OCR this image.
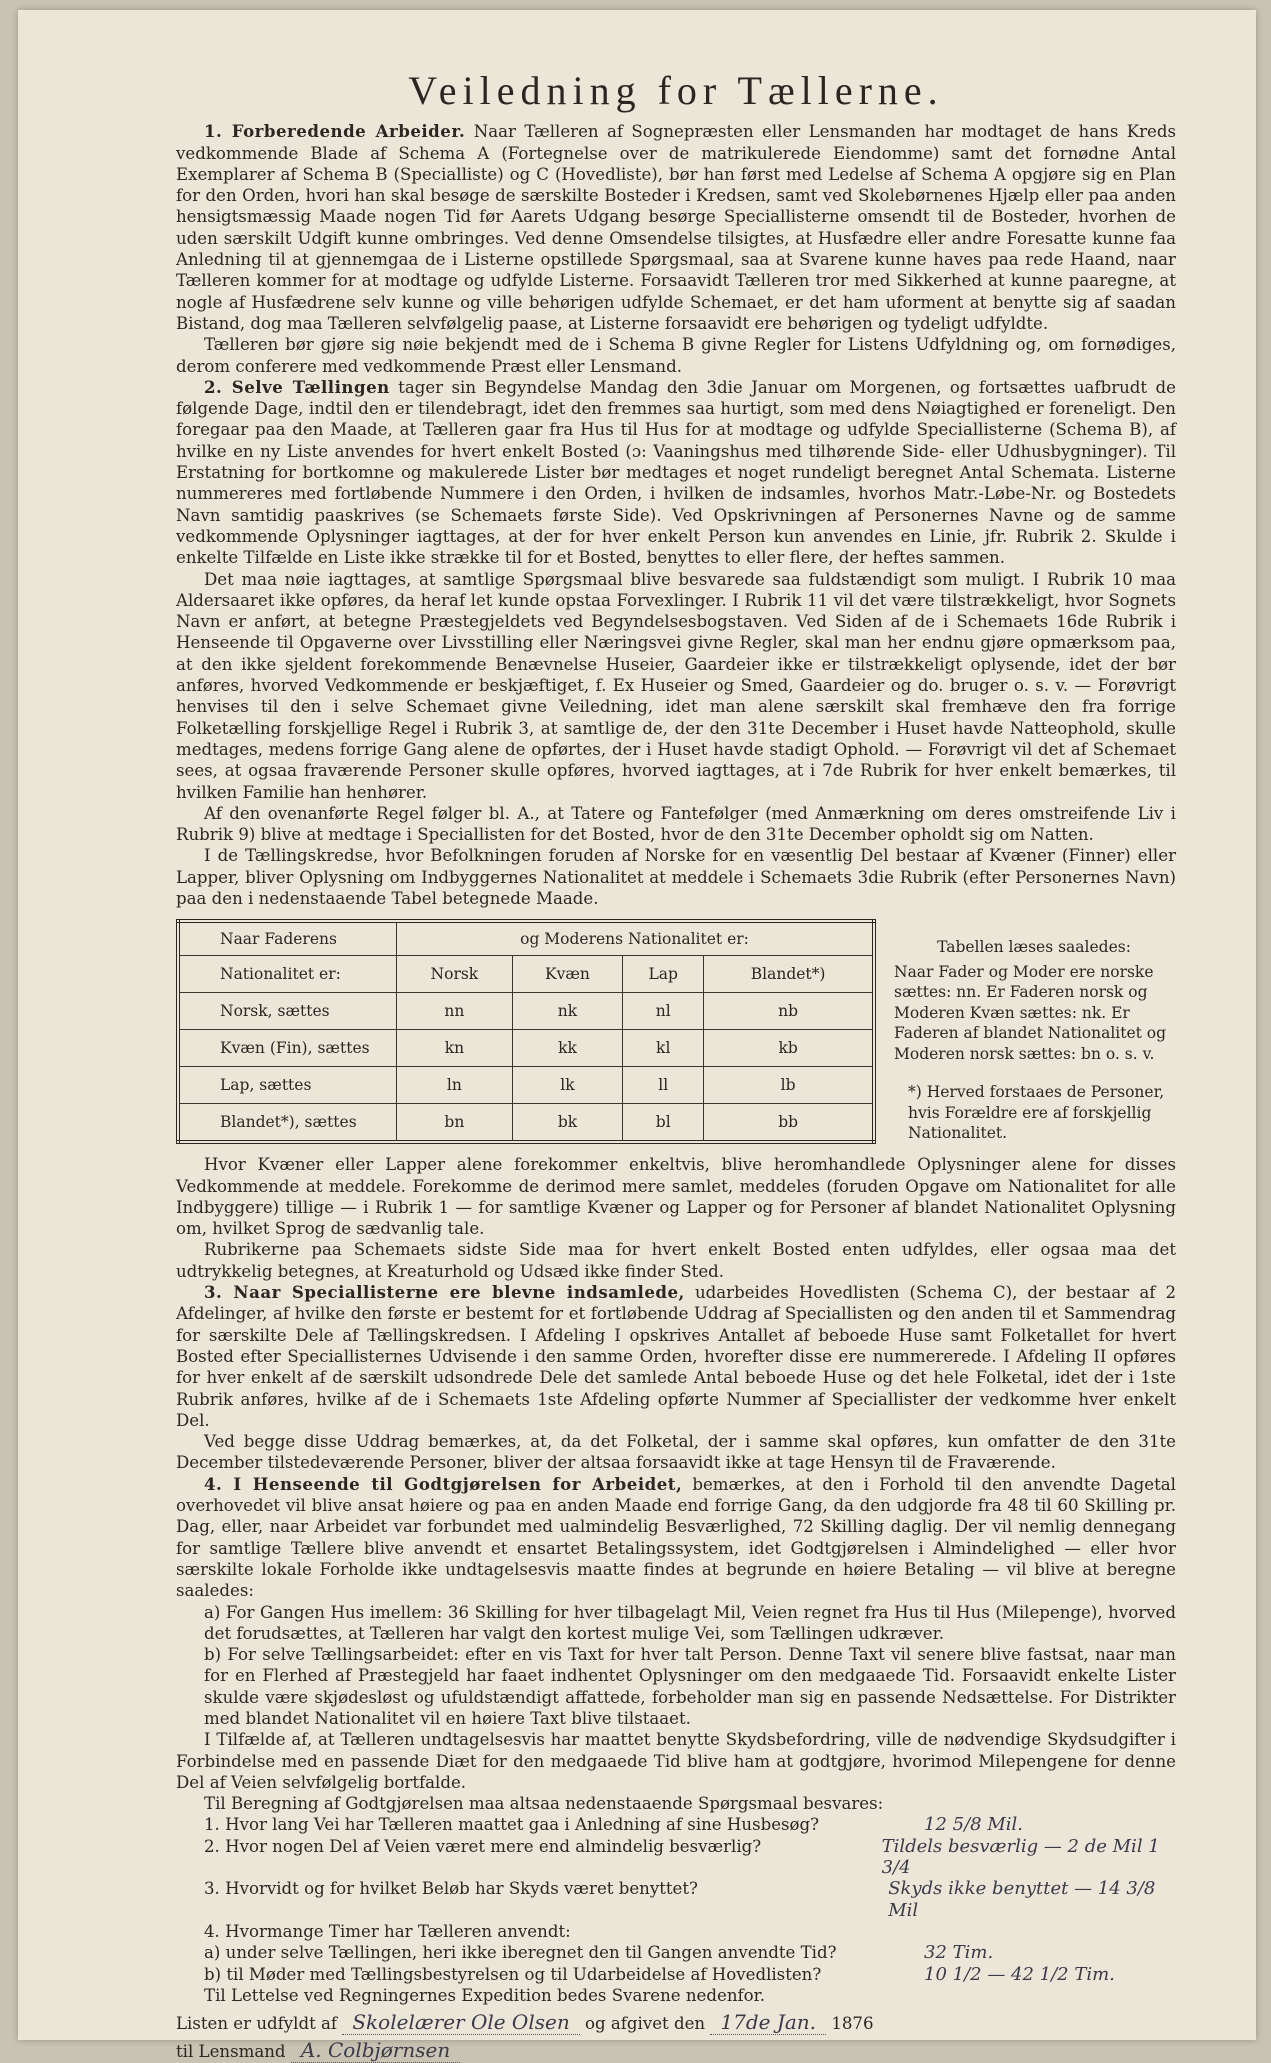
Veiledning for Tællerne.

1. Forberedende Arbeider. Naar Tælleren af Sognepræsten eller Lensmanden har modtaget de hans Kreds vedkommende Blade af Schema A (Fortegnelse over de matrikulerede Eiendomme) samt det fornødne Antal Exemplarer af Schema B (Specialliste) og C (Hovedliste), bør han først med Ledelse af Schema A opgjøre sig en Plan for den Orden, hvori han skal besøge de særskilte Bosteder i Kredsen, samt ved Skolebørnenes Hjælp eller paa anden hensigtsmæssig Maade nogen Tid før Aarets Udgang besørge Speciallisterne omsendt til de Bosteder, hvorhen de uden særskilt Udgift kunne ombringes. Ved denne Omsendelse tilsigtes, at Husfædre eller andre Foresatte kunne faa Anledning til at gjennemgaa de i Listerne opstillede Spørgsmaal, saa at Svarene kunne haves paa rede Haand, naar Tælleren kommer for at modtage og udfylde Listerne. Forsaavidt Tælleren tror med Sikkerhed at kunne paaregne, at nogle af Husfædrene selv kunne og ville behørigen udfylde Schemaet, er det ham uforment at benytte sig af saadan Bistand, dog maa Tælleren selvfølgelig paase, at Listerne forsaavidt ere behørigen og tydeligt udfyldte.

Tælleren bør gjøre sig nøie bekjendt med de i Schema B givne Regler for Listens Udfyldning og, om fornødiges, derom conferere med vedkommende Præst eller Lensmand.

2. Selve Tællingen tager sin Begyndelse Mandag den 3die Januar om Morgenen, og fortsættes uafbrudt de følgende Dage, indtil den er tilendebragt, idet den fremmes saa hurtigt, som med dens Nøiagtighed er foreneligt. Den foregaar paa den Maade, at Tælleren gaar fra Hus til Hus for at modtage og udfylde Speciallisterne (Schema B), af hvilke en ny Liste anvendes for hvert enkelt Bosted (ɔ: Vaaningshus med tilhørende Side- eller Udhusbygninger). Til Erstatning for bortkomne og makulerede Lister bør medtages et noget rundeligt beregnet Antal Schemata. Listerne nummereres med fortløbende Nummere i den Orden, i hvilken de indsamles, hvorhos Matr.-Løbe-Nr. og Bostedets Navn samtidig paaskrives (se Schemaets første Side). Ved Opskrivningen af Personernes Navne og de samme vedkommende Oplysninger iagttages, at der for hver enkelt Person kun anvendes en Linie, jfr. Rubrik 2. Skulde i enkelte Tilfælde en Liste ikke strække til for et Bosted, benyttes to eller flere, der heftes sammen.

Det maa nøie iagttages, at samtlige Spørgsmaal blive besvarede saa fuldstændigt som muligt. I Rubrik 10 maa Aldersaaret ikke opføres, da heraf let kunde opstaa Forvexlinger. I Rubrik 11 vil det være tilstrækkeligt, hvor Sognets Navn er anført, at betegne Præstegjeldets ved Begyndelsesbogstaven. Ved Siden af de i Schemaets 16de Rubrik i Henseende til Opgaverne over Livsstilling eller Næringsvei givne Regler, skal man her endnu gjøre opmærksom paa, at den ikke sjeldent forekommende Benævnelse Huseier, Gaardeier ikke er tilstrækkeligt oplysende, idet der bør anføres, hvorved Vedkommende er beskjæftiget, f. Ex Huseier og Smed, Gaardeier og do. bruger o. s. v. — Forøvrigt henvises til den i selve Schemaet givne Veiledning, idet man alene særskilt skal fremhæve den fra forrige Folketælling forskjellige Regel i Rubrik 3, at samtlige de, der den 31te December i Huset havde Natteophold, skulle medtages, medens forrige Gang alene de opførtes, der i Huset havde stadigt Ophold. — Forøvrigt vil det af Schemaet sees, at ogsaa fraværende Personer skulle opføres, hvorved iagttages, at i 7de Rubrik for hver enkelt bemærkes, til hvilken Familie han henhører.

Af den ovenanførte Regel følger bl. A., at Tatere og Fantefølger (med Anmærkning om deres omstreifende Liv i Rubrik 9) blive at medtage i Speciallisten for det Bosted, hvor de den 31te December opholdt sig om Natten.

I de Tællingskredse, hvor Befolkningen foruden af Norske for en væsentlig Del bestaar af Kvæner (Finner) eller Lapper, bliver Oplysning om Indbyggernes Nationalitet at meddele i Schemaets 3die Rubrik (efter Personernes Navn) paa den i nedenstaaende Tabel betegnede Maade.

Naar Faderens	og Moderens Nationalitet er:			
Nationalitet er:	Norsk	Kvæn	Lap	Blandet*)
Norsk, sættes	nn	nk	nl	nb
Kvæn (Fin), sættes	kn	kk	kl	kb
Lap, sættes	ln	lk	ll	lb
Blandet*), sættes	bn	bk	bl	bb
Tabellen læses saaledes:
Naar Fader og Moder ere norske sættes: nn. Er Faderen norsk og Moderen Kvæn sættes: nk. Er Faderen af blandet Nationalitet og Moderen norsk sættes: bn o. s. v.
*) Herved forstaaes de Personer, hvis Forældre ere af forskjellig Nationalitet.

Hvor Kvæner eller Lapper alene forekommer enkeltvis, blive heromhandlede Oplysninger alene for disses Vedkommende at meddele. Forekomme de derimod mere samlet, meddeles (foruden Opgave om Nationalitet for alle Indbyggere) tillige — i Rubrik 1 — for samtlige Kvæner og Lapper og for Personer af blandet Nationalitet Oplysning om, hvilket Sprog de sædvanlig tale.

Rubrikerne paa Schemaets sidste Side maa for hvert enkelt Bosted enten udfyldes, eller ogsaa maa det udtrykkelig betegnes, at Kreaturhold og Udsæd ikke finder Sted.

3. Naar Speciallisterne ere blevne indsamlede, udarbeides Hovedlisten (Schema C), der bestaar af 2 Afdelinger, af hvilke den første er bestemt for et fortløbende Uddrag af Speciallisten og den anden til et Sammendrag for særskilte Dele af Tællingskredsen. I Afdeling I opskrives Antallet af beboede Huse samt Folketallet for hvert Bosted efter Speciallisternes Udvisende i den samme Orden, hvorefter disse ere nummererede. I Afdeling II opføres for hver enkelt af de særskilt udsondrede Dele det samlede Antal beboede Huse og det hele Folketal, idet der i 1ste Rubrik anføres, hvilke af de i Schemaets 1ste Afdeling opførte Nummer af Speciallister der vedkomme hver enkelt Del.

Ved begge disse Uddrag bemærkes, at, da det Folketal, der i samme skal opføres, kun omfatter de den 31te December tilstedeværende Personer, bliver der altsaa forsaavidt ikke at tage Hensyn til de Fraværende.

4. I Henseende til Godtgjørelsen for Arbeidet, bemærkes, at den i Forhold til den anvendte Dagetal overhovedet vil blive ansat høiere og paa en anden Maade end forrige Gang, da den udgjorde fra 48 til 60 Skilling pr. Dag, eller, naar Arbeidet var forbundet med ualmindelig Besværlighed, 72 Skilling daglig. Der vil nemlig dennegang for samtlige Tællere blive anvendt et ensartet Betalingssystem, idet Godtgjørelsen i Almindelighed — eller hvor særskilte lokale Forholde ikke undtagelsesvis maatte findes at begrunde en høiere Betaling — vil blive at beregne saaledes:

a) For Gangen Hus imellem: 36 Skilling for hver tilbagelagt Mil, Veien regnet fra Hus til Hus (Milepenge), hvorved det forudsættes, at Tælleren har valgt den kortest mulige Vei, som Tællingen udkræver.

b) For selve Tællingsarbeidet: efter en vis Taxt for hver talt Person. Denne Taxt vil senere blive fastsat, naar man for en Flerhed af Præstegjeld har faaet indhentet Oplysninger om den medgaaede Tid. Forsaavidt enkelte Lister skulde være skjødesløst og ufuldstændigt affattede, forbeholder man sig en passende Nedsættelse. For Distrikter med blandet Nationalitet vil en høiere Taxt blive tilstaaet.

I Tilfælde af, at Tælleren undtagelsesvis har maattet benytte Skydsbefordring, ville de nødvendige Skydsudgifter i Forbindelse med en passende Diæt for den medgaaede Tid blive ham at godtgjøre, hvorimod Milepengene for denne Del af Veien selvfølgelig bortfalde.

Til Beregning af Godtgjørelsen maa altsaa nedenstaaende Spørgsmaal besvares:

1. Hvor lang Vei har Tælleren maattet gaa i Anledning af sine Husbesøg?	12 5/8 Mil.
2. Hvor nogen Del af Veien været mere end almindelig besværlig?	Tildels besværlig — 2 de Mil 1 3/4
3. Hvorvidt og for hvilket Beløb har Skyds været benyttet?	Skyds ikke benyttet — 14 3/8 Mil
4. Hvormange Timer har Tælleren anvendt:
a) under selve Tællingen, heri ikke iberegnet den til Gangen anvendte Tid?	32 Tim.
b) til Møder med Tællingsbestyrelsen og til Udarbeidelse af Hovedlisten?	10 1/2 — 42 1/2 Tim.

Til Lettelse ved Regningernes Expedition bedes Svarene nedenfor.

Listen er udfyldt af Skolelærer Ole Olsen og afgivet den 17de Jan. 1876
til Lensmand A. Colbjørnsen
